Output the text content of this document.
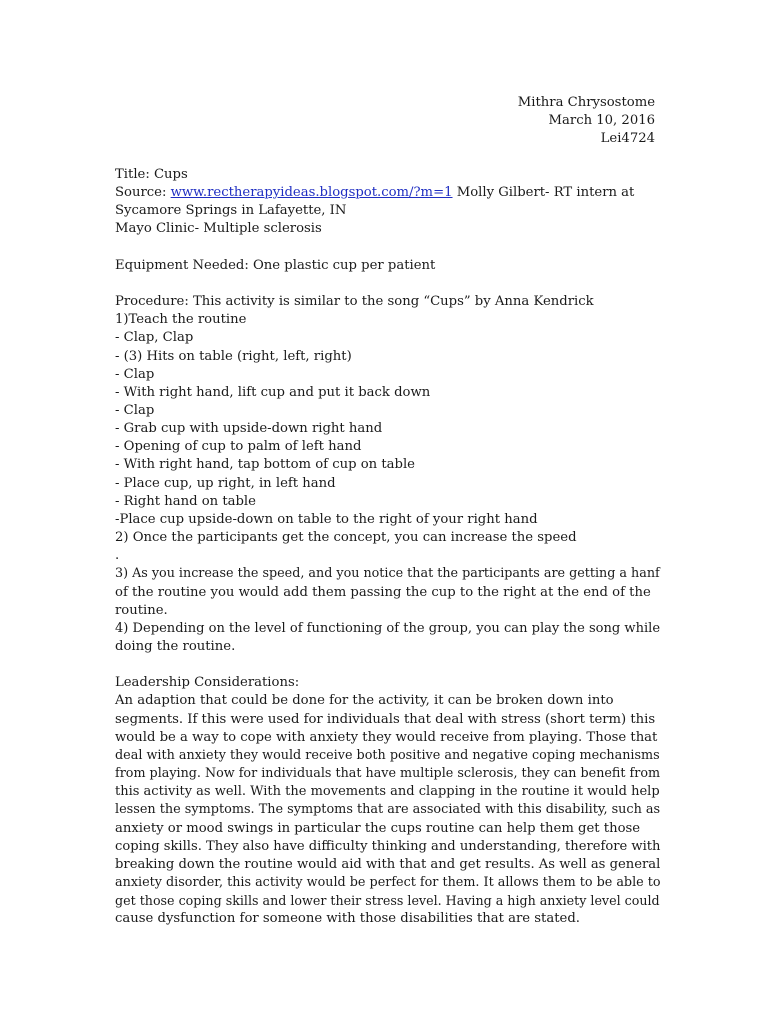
Mithra Chrysostome
March 10, 2016
Lei4724
Title: Cups
Source: www.rectherapyideas.blogspot.com/?m=1 Molly Gilbert- RT intern at
Sycamore Springs in Lafayette, IN
Mayo Clinic- Multiple sclerosis
Equipment Needed: One plastic cup per patient
Procedure: This activity is similar to the song “Cups” by Anna Kendrick
1)Teach the routine
- Clap, Clap
- (3) Hits on table (right, left, right)
- Clap
- With right hand, lift cup and put it back down
- Clap
- Grab cup with upside-down right hand
- Opening of cup to palm of left hand
- With right hand, tap bottom of cup on table
- Place cup, up right, in left hand
- Right hand on table
-Place cup upside-down on table to the right of your right hand
2) Once the participants get the concept, you can increase the speed
.
3) As you increase the speed, and you notice that the participants are getting a hanf
of the routine you would add them passing the cup to the right at the end of the
routine.
4) Depending on the level of functioning of the group, you can play the song while
doing the routine.
Leadership Considerations:
An adaption that could be done for the activity, it can be broken down into
segments. If this were used for individuals that deal with stress (short term) this
would be a way to cope with anxiety they would receive from playing. Those that
deal with anxiety they would receive both positive and negative coping mechanisms
from playing. Now for individuals that have multiple sclerosis, they can benefit from
this activity as well. With the movements and clapping in the routine it would help
lessen the symptoms. The symptoms that are associated with this disability, such as
anxiety or mood swings in particular the cups routine can help them get those
coping skills. They also have difficulty thinking and understanding, therefore with
breaking down the routine would aid with that and get results. As well as general
anxiety disorder, this activity would be perfect for them. It allows them to be able to
get those coping skills and lower their stress level. Having a high anxiety level could
cause dysfunction for someone with those disabilities that are stated.
